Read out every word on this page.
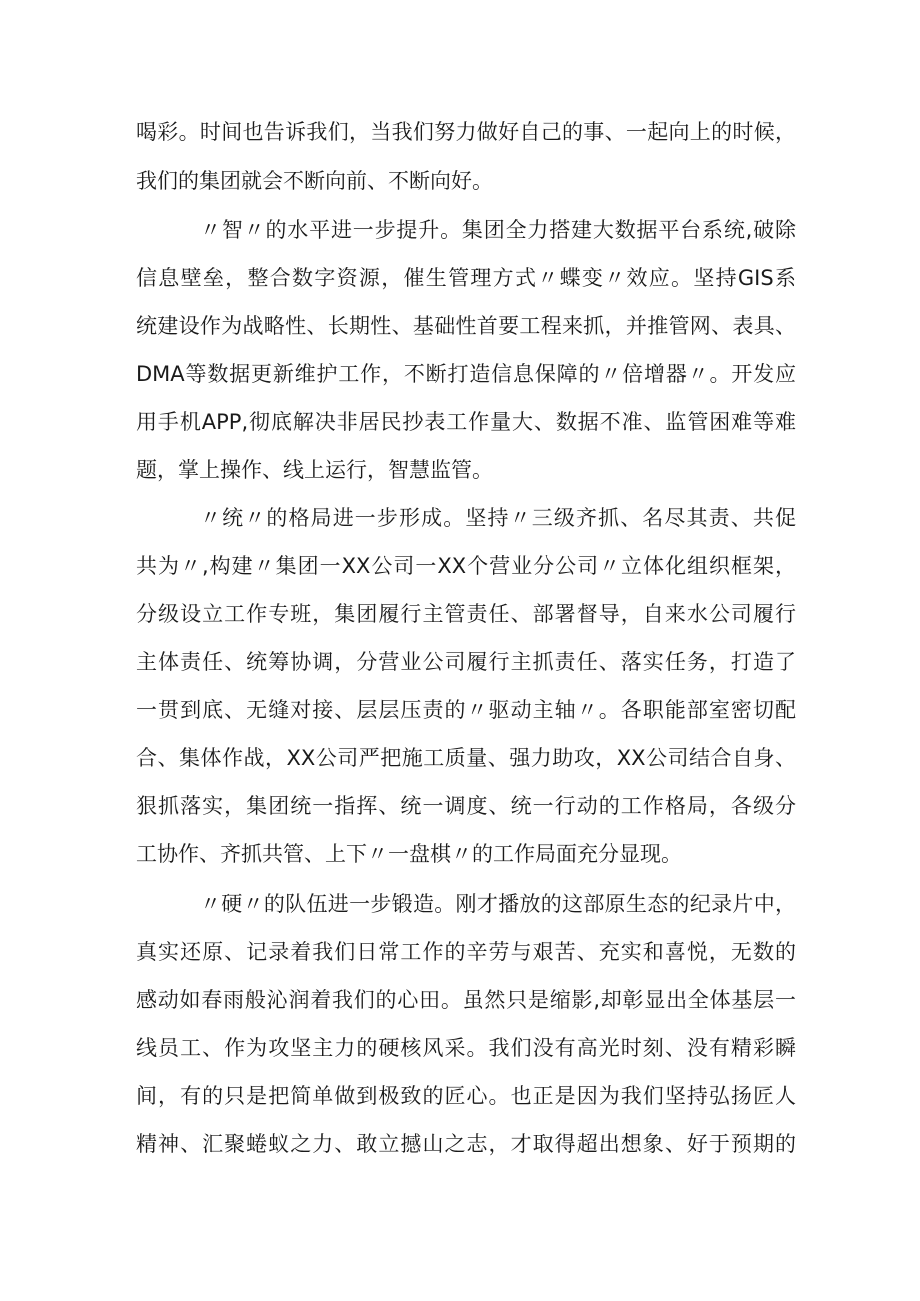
喝彩。时间也告诉我们，当我们努力做好自己的事、一起向上的时候，
我们的集团就会不断向前、不断向好。
〃智〃的水平进一步提升。集团全力搭建大数据平台系统,破除
信息壁垒，整合数字资源，催生管理方式〃蝶变〃效应。坚持GIS系
统建设作为战略性、长期性、基础性首要工程来抓，并推管网、表具、
DMA等数据更新维护工作，不断打造信息保障的〃倍增器〃。开发应
用手机APP,彻底解决非居民抄表工作量大、数据不准、监管困难等难
题，掌上操作、线上运行，智慧监管。
〃统〃的格局进一步形成。坚持〃三级齐抓、名尽其责、共促
共为〃,构建〃集团一XX公司一XX个营业分公司〃立体化组织框架，
分级设立工作专班，集团履行主管责任、部署督导，自来水公司履行
主体责任、统筹协调，分营业公司履行主抓责任、落实任务，打造了
一贯到底、无缝对接、层层压责的〃驱动主轴〃。各职能部室密切配
合、集体作战，XX公司严把施工质量、强力助攻，XX公司结合自身、
狠抓落实，集团统一指挥、统一调度、统一行动的工作格局，各级分
工协作、齐抓共管、上下〃一盘棋〃的工作局面充分显现。
〃硬〃的队伍进一步锻造。刚才播放的这部原生态的纪录片中，
真实还原、记录着我们日常工作的辛劳与艰苦、充实和喜悦，无数的
感动如春雨般沁润着我们的心田。虽然只是缩影,却彰显出全体基层一
线员工、作为攻坚主力的硬核风采。我们没有高光时刻、没有精彩瞬
间，有的只是把简单做到极致的匠心。也正是因为我们坚持弘扬匠人
精神、汇聚蜷蚁之力、敢立撼山之志，才取得超出想象、好于预期的
